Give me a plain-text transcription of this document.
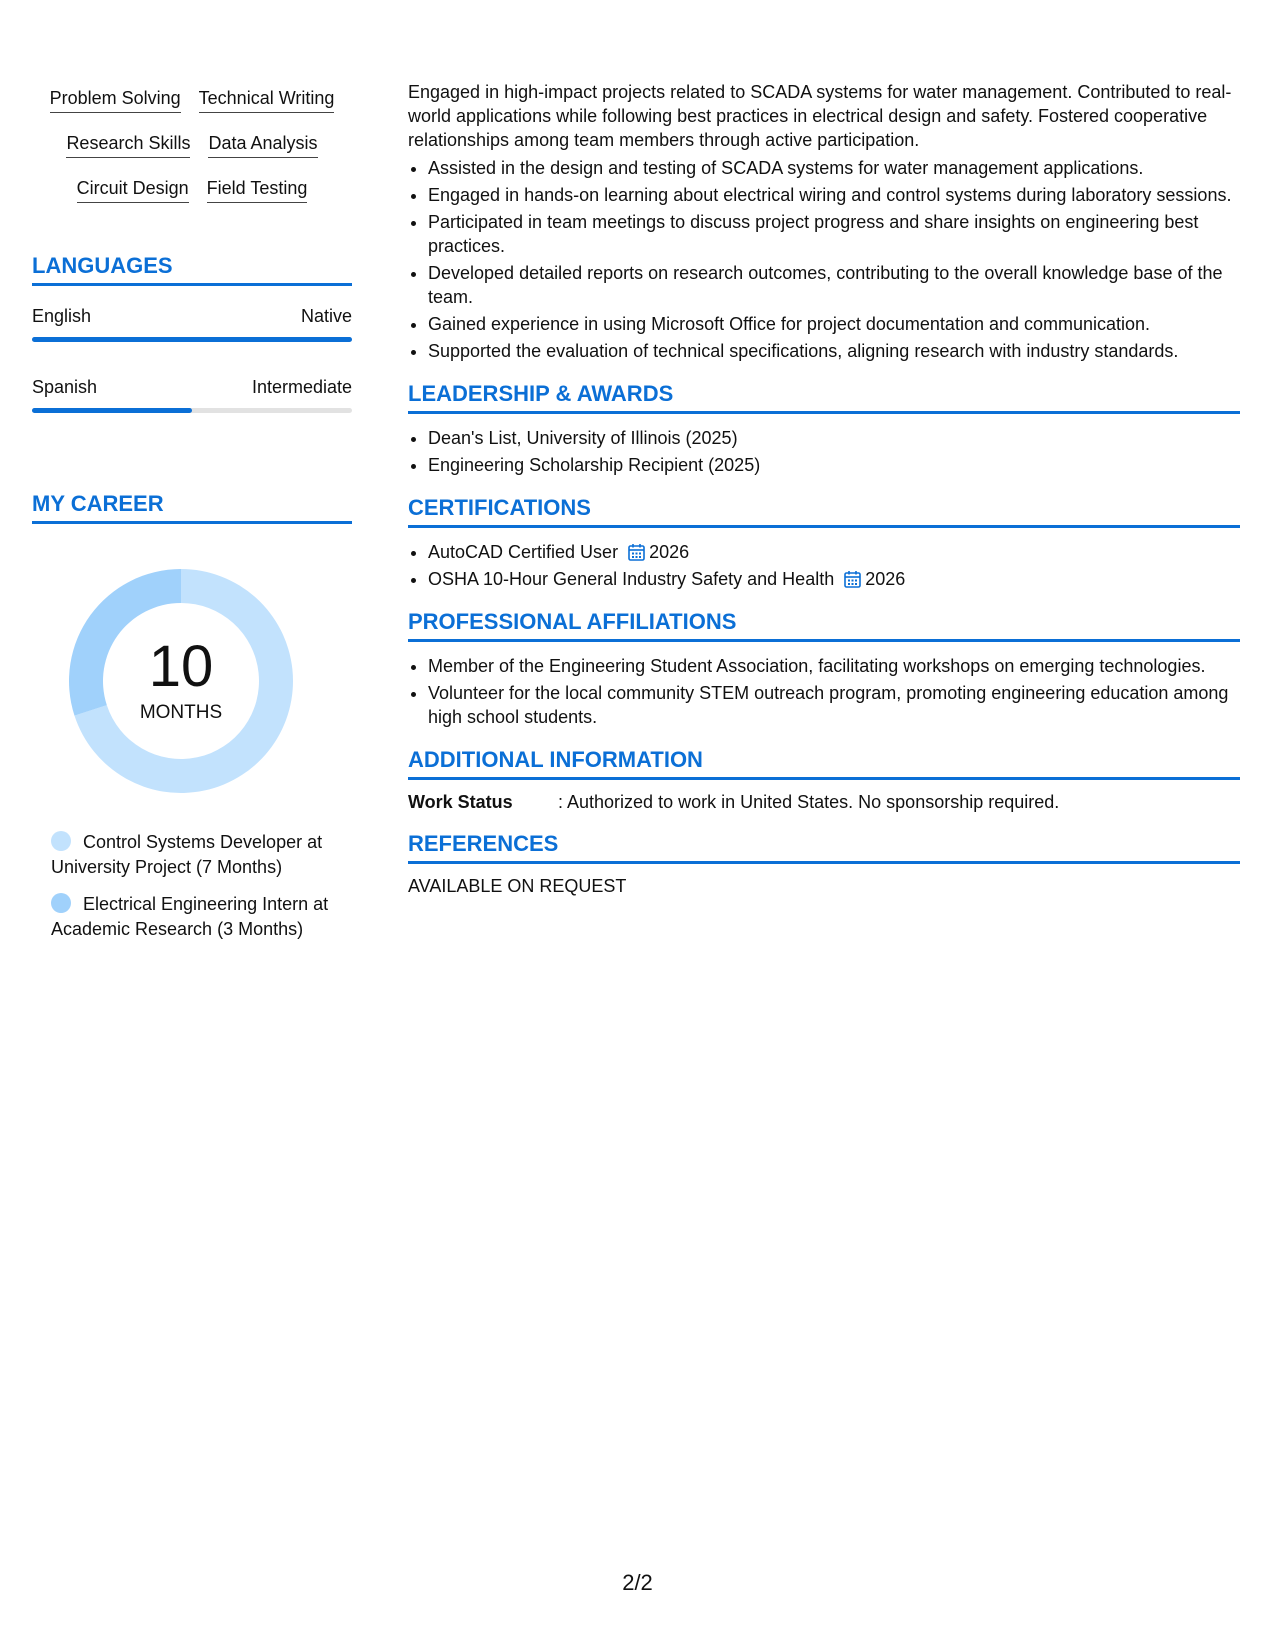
Problem Solving Technical Writing
Research Skills Data Analysis
Circuit Design Field Testing
LANGUAGES
English	Native
Spanish	Intermediate
MY CAREER
10
MONTHS
Control Systems Developer at University Project (7 Months)
Electrical Engineering Intern at Academic Research (3 Months)

Engaged in high-impact projects related to SCADA systems for water management. Contributed to real-world applications while following best practices in electrical design and safety. Fostered cooperative relationships among team members through active participation.

• Assisted in the design and testing of SCADA systems for water management applications.
• Engaged in hands-on learning about electrical wiring and control systems during laboratory sessions.
• Participated in team meetings to discuss project progress and share insights on engineering best practices.
• Developed detailed reports on research outcomes, contributing to the overall knowledge base of the team.
• Gained experience in using Microsoft Office for project documentation and communication.
• Supported the evaluation of technical specifications, aligning research with industry standards.
LEADERSHIP & AWARDS
• Dean's List, University of Illinois (2025)
• Engineering Scholarship Recipient (2025)
CERTIFICATIONS
• AutoCAD Certified User 2026
• OSHA 10-Hour General Industry Safety and Health 2026
PROFESSIONAL AFFILIATIONS
• Member of the Engineering Student Association, facilitating workshops on emerging technologies.
• Volunteer for the local community STEM outreach program, promoting engineering education among high school students.
ADDITIONAL INFORMATION
Work Status	: Authorized to work in United States. No sponsorship required.
REFERENCES
AVAILABLE ON REQUEST
2/2
